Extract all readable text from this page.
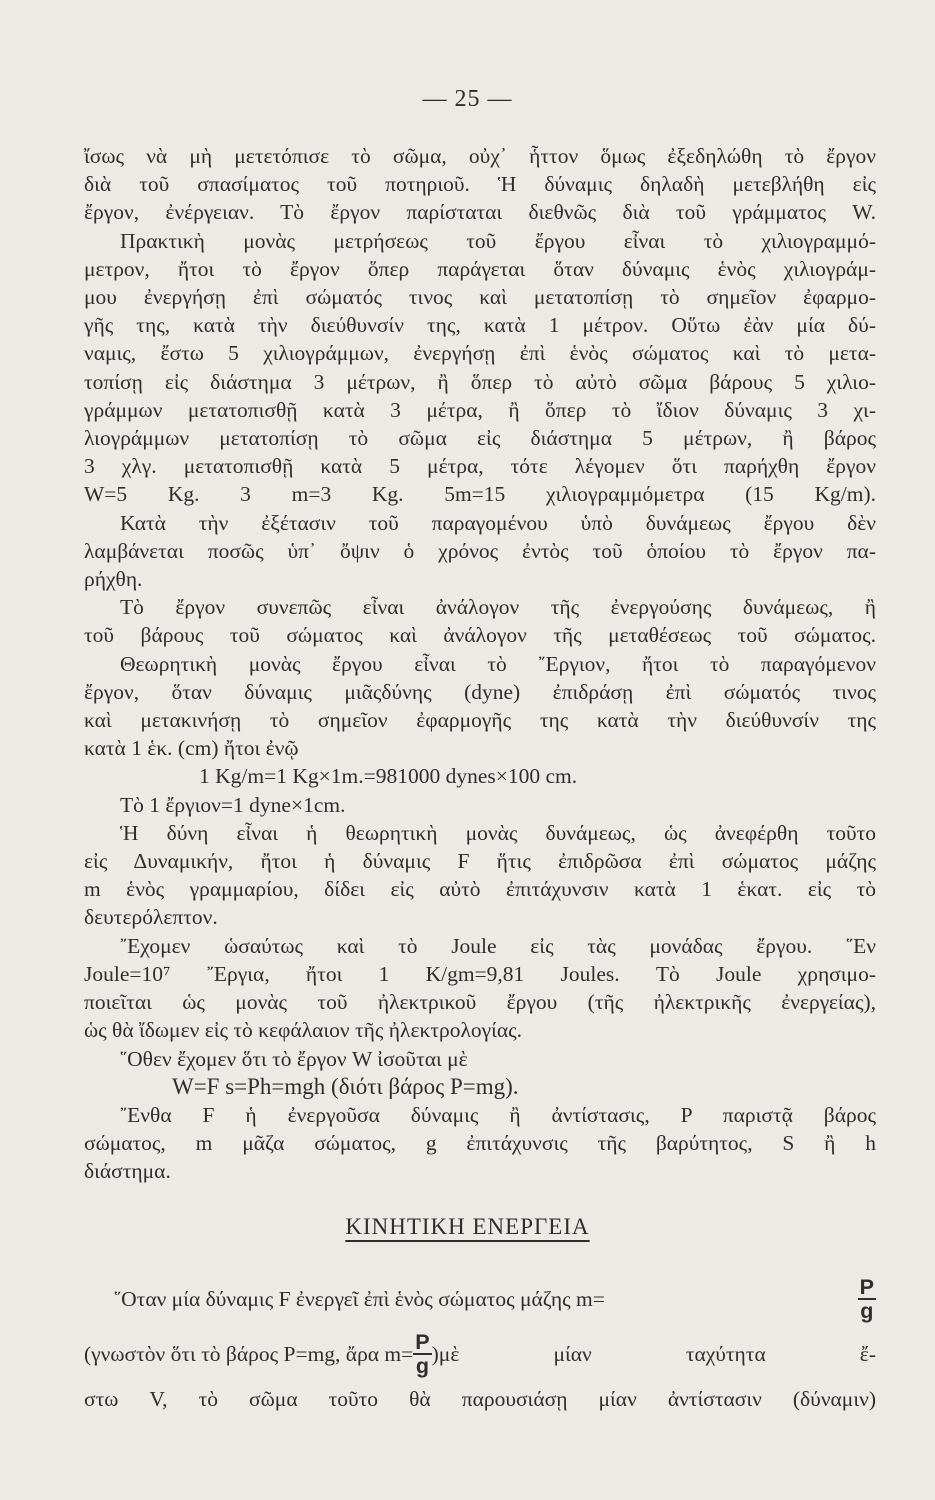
— 25 —
ἴσως νὰ μὴ μετετόπισε τὸ σῶμα, οὐχ᾽ ἧττον ὅμως ἐξεδηλώθη τὸ ἔργον
διὰ τοῦ σπασίματος τοῦ ποτηριοῦ. Ἡ δύναμις δηλαδὴ μετεβλήθη εἰς
ἔργον, ἐνέργειαν. Τὸ ἔργον παρίσταται διεθνῶς διὰ τοῦ γράμματος W.
Πρακτικὴ μονὰς μετρήσεως τοῦ ἔργου εἶναι τὸ χιλιογραμμό-
μετρον, ἤτοι τὸ ἔργον ὅπερ παράγεται ὅταν δύναμις ἑνὸς χιλιογράμ-
μου ἐνεργήσῃ ἐπὶ σώματός τινος καὶ μετατοπίσῃ τὸ σημεῖον ἐφαρμο-
γῆς της, κατὰ τὴν διεύθυνσίν της, κατὰ 1 μέτρον. Οὕτω ἐὰν μία δύ-
ναμις, ἔστω 5 χιλιογράμμων, ἐνεργήσῃ ἐπὶ ἑνὸς σώματος καὶ τὸ μετα-
τοπίσῃ εἰς διάστημα 3 μέτρων, ἢ ὅπερ τὸ αὐτὸ σῶμα βάρους 5 χιλιο-
γράμμων μετατοπισθῇ κατὰ 3 μέτρα, ἢ ὅπερ τὸ ἴδιον δύναμις 3 χι-
λιογράμμων μετατοπίσῃ τὸ σῶμα εἰς διάστημα 5 μέτρων, ἢ βάρος
3 χλγ. μετατοπισθῇ κατὰ 5 μέτρα, τότε λέγομεν ὅτι παρήχθη ἔργον
W=5 Kg. 3 m=3 Kg. 5m=15 χιλιογραμμόμετρα (15 Kg/m).
Κατὰ τὴν ἐξέτασιν τοῦ παραγομένου ὑπὸ δυνάμεως ἔργου δὲν
λαμβάνεται ποσῶς ὑπ᾽ ὄψιν ὁ χρόνος ἐντὸς τοῦ ὁποίου τὸ ἔργον πα-
ρήχθη.
Τὸ ἔργον συνεπῶς εἶναι ἀνάλογον τῆς ἐνεργούσης δυνάμεως, ἢ
τοῦ βάρους τοῦ σώματος καὶ ἀνάλογον τῆς μεταθέσεως τοῦ σώματος.
Θεωρητικὴ μονὰς ἔργου εἶναι τὸ ῎Εργιον, ἤτοι τὸ παραγόμενον
ἔργον, ὅταν δύναμις μιᾶςδύνης (dyne) ἐπιδράσῃ ἐπὶ σώματός τινος
καὶ μετακινήσῃ τὸ σημεῖον ἐφαρμογῆς της κατὰ τὴν διεύθυνσίν της
κατὰ 1 ἑκ. (cm) ἤτοι ἐνῷ
1 Kg/m=1 Kg×1m.=981000 dynes×100 cm.
Τὸ 1 ἔργιον=1 dyne×1cm.
Ἡ δύνη εἶναι ἡ θεωρητικὴ μονὰς δυνάμεως, ὡς ἀνεφέρθη τοῦτο
εἰς Δυναμικήν, ἤτοι ἡ δύναμις F ἥτις ἐπιδρῶσα ἐπὶ σώματος μάζης
m ἑνὸς γραμμαρίου, δίδει εἰς αὐτὸ ἐπιτάχυνσιν κατὰ 1 ἑκατ. εἰς τὸ
δευτερόλεπτον.
῎Εχομεν ὡσαύτως καὶ τὸ Joule εἰς τὰς μονάδας ἔργου. ῞Εν
Joule=10⁷ ῎Εργια, ἤτοι 1 K/gm=9,81 Joules. Τὸ Joule χρησιμο-
ποιεῖται ὡς μονὰς τοῦ ἠλεκτρικοῦ ἔργου (τῆς ἠλεκτρικῆς ἐνεργείας),
ὡς θὰ ἴδωμεν εἰς τὸ κεφάλαιον τῆς ἠλεκτρολογίας.
῞Οθεν ἔχομεν ὅτι τὸ ἔργον W ἰσοῦται μὲ
W=F s=Ph=mgh (διότι βάρος P=mg).
῎Ενθα F ἡ ἐνεργοῦσα δύναμις ἢ ἀντίστασις, P παριστᾷ βάρος
σώματος, m μᾶζα σώματος, g ἐπιτάχυνσις τῆς βαρύτητος, S ἢ h
διάστημα.
ΚΙΝΗΤΙΚΗ ΕΝΕΡΓΕΙΑ
῞Οταν μία δύναμις F ἐνεργεῖ ἐπὶ ἑνὸς σώματος μάζης m=	$\frac{P}{g}$
(γνωστὸν ὅτι τὸ βάρος P=mg, ἄρα $m= \frac{P}{g}$ )μὲ μίαν ταχύτητα ἔ-
στω V, τὸ σῶμα τοῦτο θὰ παρουσιάσῃ μίαν ἀντίστασιν (δύναμιν)
